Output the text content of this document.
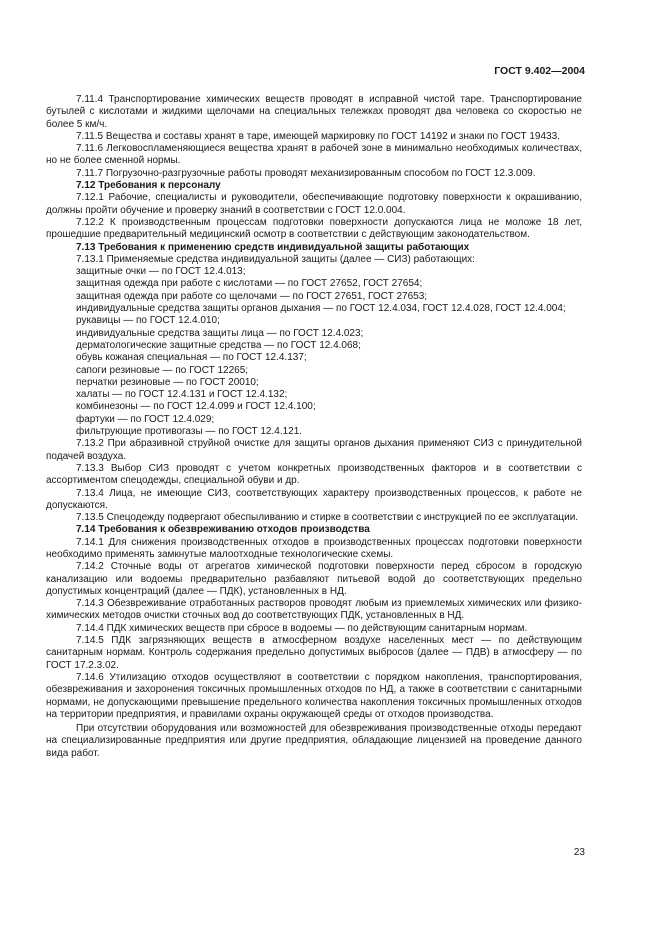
ГОСТ 9.402—2004

7.11.4 Транспортирование химических веществ проводят в исправной чистой таре. Транспортирование бутылей с кислотами и жидкими щелочами на специальных тележках проводят два человека со скоростью не более 5 км/ч.

7.11.5 Вещества и составы хранят в таре, имеющей маркировку по ГОСТ 14192 и знаки по ГОСТ 19433.

7.11.6 Легковоспламеняющиеся вещества хранят в рабочей зоне в минимально необходимых количествах, но не более сменной нормы.

7.11.7 Погрузочно-разгрузочные работы проводят механизированным способом по ГОСТ 12.3.009.

7.12 Требования к персоналу

7.12.1 Рабочие, специалисты и руководители, обеспечивающие подготовку поверхности к окрашиванию, должны пройти обучение и проверку знаний в соответствии с ГОСТ 12.0.004.

7.12.2 К производственным процессам подготовки поверхности допускаются лица не моложе 18 лет, прошедшие предварительный медицинский осмотр в соответствии с действующим законодательством.

7.13 Требования к применению средств индивидуальной защиты работающих

7.13.1 Применяемые средства индивидуальной защиты (далее — СИЗ) работающих:

защитные очки — по ГОСТ 12.4.013;

защитная одежда при работе с кислотами — по ГОСТ 27652, ГОСТ 27654;

защитная одежда при работе со щелочами — по ГОСТ 27651, ГОСТ 27653;

индивидуальные средства защиты органов дыхания — по ГОСТ 12.4.034, ГОСТ 12.4.028, ГОСТ 12.4.004;

рукавицы — по ГОСТ 12.4.010;

индивидуальные средства защиты лица — по ГОСТ 12.4.023;

дерматологические защитные средства — по ГОСТ 12.4.068;

обувь кожаная специальная — по ГОСТ 12.4.137;

сапоги резиновые — по ГОСТ 12265;

перчатки резиновые — по ГОСТ 20010;

халаты — по ГОСТ 12.4.131 и ГОСТ 12.4.132;

комбинезоны — по ГОСТ 12.4.099 и ГОСТ 12.4.100;

фартуки — по ГОСТ 12.4.029;

фильтрующие противогазы — по ГОСТ 12.4.121.

7.13.2 При абразивной струйной очистке для защиты органов дыхания применяют СИЗ с принудительной подачей воздуха.

7.13.3 Выбор СИЗ проводят с учетом конкретных производственных факторов и в соответствии с ассортиментом спецодежды, специальной обуви и др.

7.13.4 Лица, не имеющие СИЗ, соответствующих характеру производственных процессов, к работе не допускаются.

7.13.5 Спецодежду подвергают обеспыливанию и стирке в соответствии с инструкцией по ее эксплуатации.

7.14 Требования к обезвреживанию отходов производства

7.14.1 Для снижения производственных отходов в производственных процессах подготовки поверхности необходимо применять замкнутые малоотходные технологические схемы.

7.14.2 Сточные воды от агрегатов химической подготовки поверхности перед сбросом в городскую канализацию или водоемы предварительно разбавляют питьевой водой до соответствующих предельно допустимых концентраций (далее — ПДК), установленных в НД.

7.14.3 Обезвреживание отработанных растворов проводят любым из приемлемых химических или физико-химических методов очистки сточных вод до соответствующих ПДК, установленных в НД.

7.14.4 ПДК химических веществ при сбросе в водоемы — по действующим санитарным нормам.

7.14.5 ПДК загрязняющих веществ в атмосферном воздухе населенных мест — по действующим санитарным нормам. Контроль содержания предельно допустимых выбросов (далее — ПДВ) в атмосферу — по ГОСТ 17.2.3.02.

7.14.6 Утилизацию отходов осуществляют в соответствии с порядком накопления, транспортирования, обезвреживания и захоронения токсичных промышленных отходов по НД, а также в соответствии с санитарными нормами, не допускающими превышение предельного количества накопления токсичных промышленных отходов на территории предприятия, и правилами охраны окружающей среды от отходов производства.

При отсутствии оборудования или возможностей для обезвреживания производственные отходы передают на специализированные предприятия или другие предприятия, обладающие лицензией на проведение данного вида работ.

23
